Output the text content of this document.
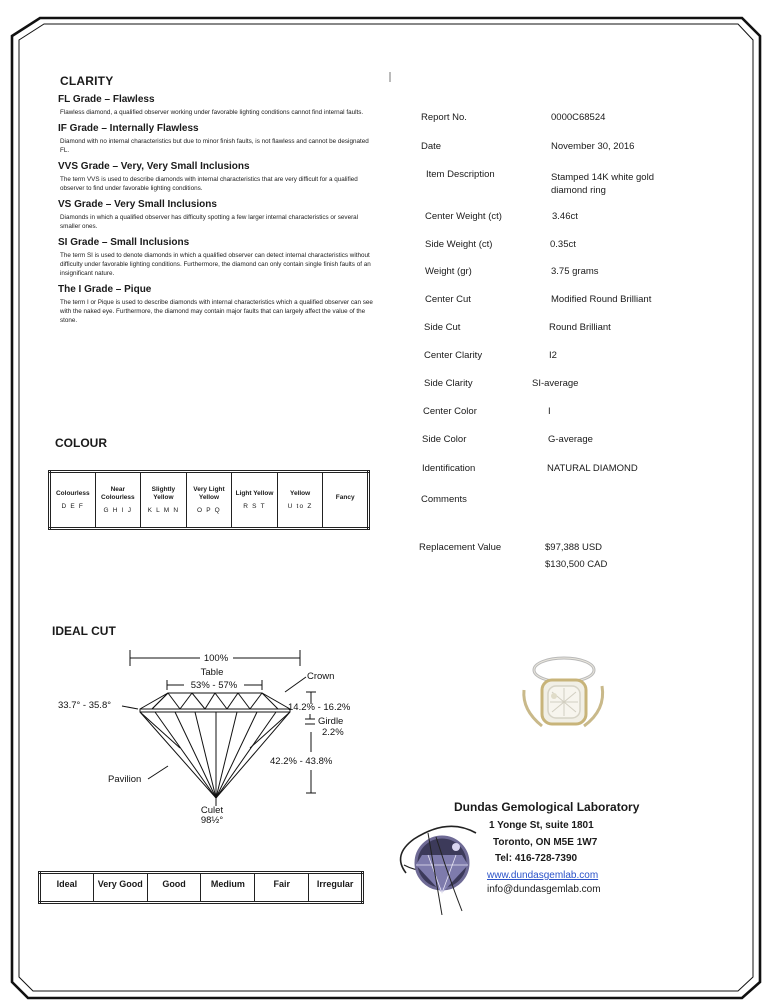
CLARITY
FL Grade – Flawless

Flawless diamond, a qualified observer working under favorable lighting conditions cannot find internal faults.

IF Grade – Internally Flawless

Diamond with no internal characteristics but due to minor finish faults, is not flawless and cannot be designated FL.

VVS Grade – Very, Very Small Inclusions

The term VVS is used to describe diamonds with internal characteristics that are very difficult for a qualified observer to find under favorable lighting conditions.

VS Grade – Very Small Inclusions

Diamonds in which a qualified observer has difficulty spotting a few larger internal characteristics or several smaller ones.

SI Grade – Small Inclusions

The term SI is used to denote diamonds in which a qualified observer can detect internal characteristics without difficulty under favorable lighting conditions. Furthermore, the diamond can only contain single finish faults of an insignificant nature.

The I Grade – Pique

The term I or Pique is used to describe diamonds with internal characteristics which a qualified observer can see with the naked eye. Furthermore, the diamond may contain major faults that can largely affect the value of the stone.

COLOUR
Colourless
D E F

Near Colourless
G H I J

Slightly Yellow
K L M N

Very Light Yellow
O P Q

Light Yellow
R S T

Yellow
U to Z

Fancy
IDEAL CUT
100%
Table
53% - 57%
Crown
33.7° - 35.8°	14.2% - 16.2%
Girdle
2.2%
42.2% - 43.8%
Pavilion
Culet
98½°
Ideal	Very Good	Good	Medium	Fair	Irregular
Report No.	0000C68524
Date	November 30, 2016
Item Description	Stamped 14K white gold diamond ring
Center Weight (ct)	3.46ct
Side Weight (ct)	0.35ct
Weight (gr)	3.75 grams
Center Cut	Modified Round Brilliant
Side Cut	Round Brilliant
Center Clarity	I2
Side Clarity	SI-average
Center Color	I
Side Color	G-average
Identification	NATURAL DIAMOND
Comments
Replacement Value	$97,388 USD
$130,500 CAD
Dundas Gemological Laboratory
1 Yonge St, suite 1801
Toronto, ON M5E 1W7
Tel: 416-728-7390
www.dundasgemlab.com
info@dundasgemlab.com
